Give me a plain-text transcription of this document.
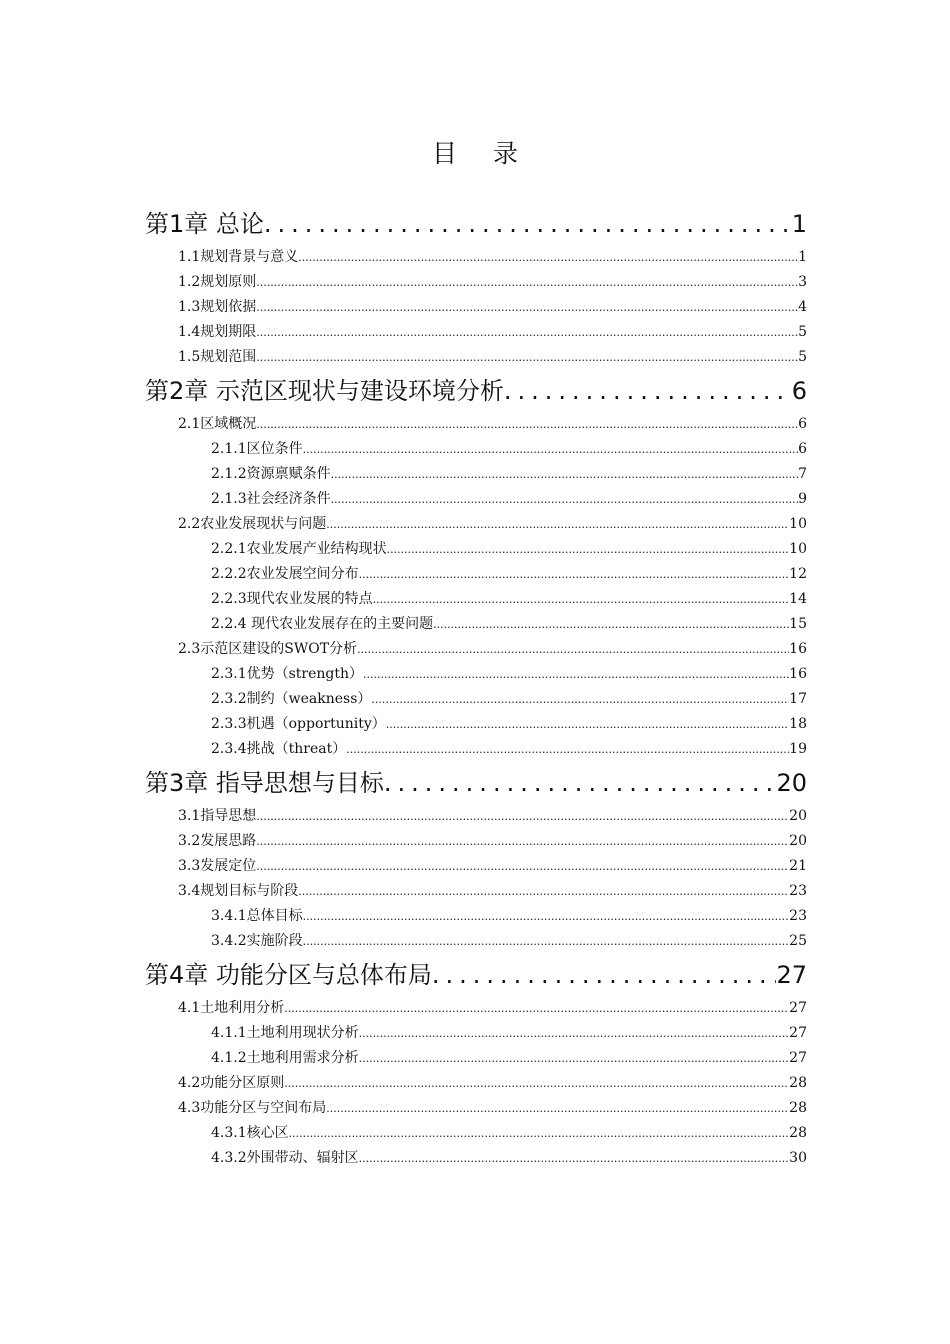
目 录
第1章 总论 .....	1
1.1规划背景与意义 .....	1
1.2规划原则 .....	3
1.3规划依据 .....	4
1.4规划期限 .....	5
1.5规划范围 .....	5
第2章 示范区现状与建设环境分析 .....	6
2.1区域概况 .....	6
2.1.1区位条件 .....	6
2.1.2资源禀赋条件 .....	7
2.1.3社会经济条件 .....	9
2.2农业发展现状与问题 .....	10
2.2.1农业发展产业结构现状 .....	10
2.2.2农业发展空间分布 .....	12
2.2.3现代农业发展的特点 .....	14
2.2.4 现代农业发展存在的主要问题 .....	15
2.3示范区建设的SWOT分析 .....	16
2.3.1优势（strength） .....	16
2.3.2制约（weakness） .....	17
2.3.3机遇（opportunity） .....	18
2.3.4挑战（threat） .....	19
第3章 指导思想与目标 .....	20
3.1指导思想 .....	20
3.2发展思路 .....	20
3.3发展定位 .....	21
3.4规划目标与阶段 .....	23
3.4.1总体目标 .....	23
3.4.2实施阶段 .....	25
第4章 功能分区与总体布局 .....	27
4.1土地利用分析 .....	27
4.1.1土地利用现状分析 .....	27
4.1.2土地利用需求分析 .....	27
4.2功能分区原则 .....	28
4.3功能分区与空间布局 .....	28
4.3.1核心区 .....	28
4.3.2外围带动、辐射区 .....	30
